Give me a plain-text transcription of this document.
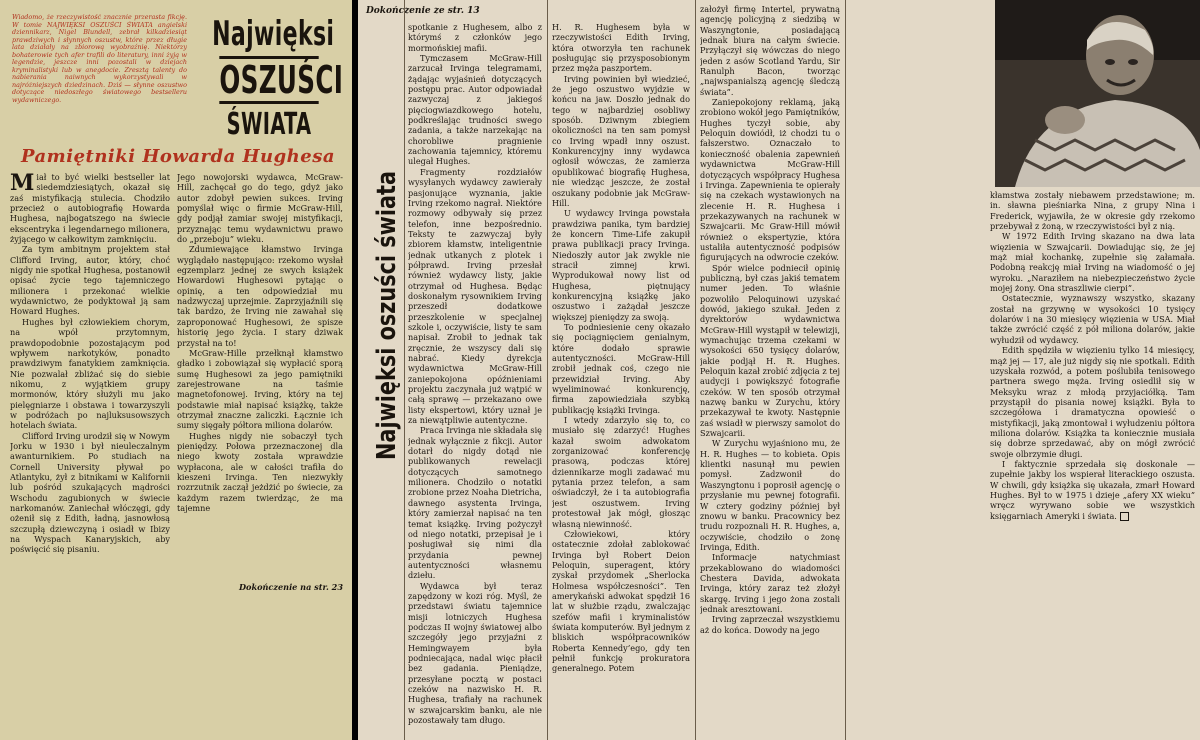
Wiadomo, że rzeczywistość znacznie przerasta fikcję. W tomie NAJWIĘKSI OSZUŚCI ŚWIATA angielski dziennikarz, Nigel Blundell, zebrał kilkadziesiąt prawdziwych i słynnych oszustw, które przez długie lata działały na zbiorową wyobraźnię. Niektórzy bohaterowie tych afer trafili do literatury, inni żyją w legendzie, jeszcze inni pozostali w dziejach kryminalistyki lub w anegdocie. Zresztą talenty do nabierania naiwnych wykorzystywali w najróżniejszych dziedzinach. Dziś — słynne oszustwo dotyczące niedoszłego światowego bestselleru wydawniczego.
Najwięksi
OSZUŚCI
ŚWIATA
Pamiętniki Howarda Hughesa

Miał to być wielki bestseller lat siedemdziesiątych, okazał się zaś mistyfikacją stulecia. Chodziło przecież o autobiografię Howarda Hughesa, najbogatszego na świecie ekscentryka i legendarnego milionera, żyjącego w całkowitym zamknięciu.

Za tym ambitnym projektem stał Clifford Irving, autor, który, choć nigdy nie spotkał Hughesa, postanowił opisać życie tego tajemniczego milionera i przekonać wielkie wydawnictwo, że podyktował ją sam Howard Hughes.

Hughes był człowiekiem chorym, na wpół przytomnym, prawdopodobnie pozostającym pod wpływem narkotyków, ponadto prawdziwym fanatykiem zamknięcia. Nie pozwalał zbliżać się do siebie nikomu, z wyjątkiem grupy mormonów, który służyli mu jako pielęgniarze i obstawa i towarzyszyli w podróżach po najluksusowszych hotelach świata.

Clifford Irving urodził się w Nowym Jorku w 1930 i był nieuleczalnym awanturnikiem. Po studiach na Cornell University pływał po Atlantyku, żył z bitnikami w Kalifornii lub pośród szukających mądrości Wschodu zagubionych w świecie narkomanów. Zaniechał włóczęgi, gdy ożenił się z Edith, ładną, jasnowłosą szczupłą dziewczyną i osiadł w Ibizy na Wyspach Kanaryjskich, aby poświęcić się pisaniu.

Jego nowojorski wydawca, McGraw-Hill, zachęcał go do tego, gdyż jako autor zdobył pewien sukces. Irving pomyślał więc o firmie McGraw-Hill, gdy podjął zamiar swojej mistyfikacji, przyznając temu wydawnictwu prawo do „przeboju” wieku.

Zdumiewające kłamstwo Irvinga wyglądało następująco: rzekomo wysłał egzemplarz jednej ze swych książek Howardowi Hughesowi pytając o opinię, a ten odpowiedział mu nadzwyczaj uprzejmie. Zaprzyjaźnili się tak bardzo, że Irving nie zawahał się zaproponować Hughesowi, że spisze historię jego życia. I stary dziwak przystał na to!

McGraw-Hille przełknął kłamstwo gładko i zobowiązał się wypłacić sporą sumę Hughesowi za jego pamiętniki zarejestrowane na taśmie magnetofonowej. Irving, który na tej podstawie miał napisać książkę, także otrzymał znaczne zaliczki. Łącznie ich sumy sięgały półtora miliona dolarów.

Hughes nigdy nie sobaczył tych pieniędzy. Połowa przeznaczonej dla niego kwoty została wprawdzie wypłacona, ale w całości trafiła do kieszeni Irvinga. Ten niezwykły rozrzutnik zaczął jeżdżić po świecie, za każdym razem twierdząc, że ma tajemne

Dokończenie na str. 23
Dokończenie ze str. 13
Najwięksi oszuści świata

spotkanie z Hughesem, albo z którymś z członków jego mormońskiej mafii.

Tymczasem McGraw-Hill zarzucał Irvinga telegramami, żądając wyjaśnień dotyczących postępu prac. Autor odpowiadał zazwyczaj z jakiegoś pięciogwiazdkowego hotelu, podkreślając trudności swego zadania, a także narzekając na chorobliwe pragnienie zachowania tajemnicy, któremu ulegał Hughes.

Fragmenty rozdziałów wysyłanych wydawcy zawierały pasjonujące wyznania, jakie Irving rzekomo nagrał. Niektóre rozmowy odbywały się przez telefon, inne bezpośrednio. Teksty te zazwyczaj były zbiorem kłamstw, inteligentnie jednak utkanych z plotek i półprawd. Irving przesłał również wydawcy listy, jakie otrzymał od Hughesa. Będąc doskonałym rysownikiem Irving przeszedł dodatkowe przeszkolenie w specjalnej szkole i, oczywiście, listy te sam napisał. Zrobił to jednak tak zręcznie, że wszyscy dali się nabrać. Kiedy dyrekcja wydawnictwa McGraw-Hill zaniepokojona opóźnieniami projektu zaczynała już wątpić w całą sprawę — przekazano owe listy ekspertowi, który uznał je za niewątpliwie autentyczne.

Praca Irvinga nie składała się jednak wyłącznie z fikcji. Autor dotarł do nigdy dotąd nie publikowanych rewelacji dotyczących samotnego milionera. Chodziło o notatki zrobione przez Noaha Dietricha, dawnego asystenta Irvinga, który zamierzał napisać na ten temat książkę. Irving pożyczył od niego notatki, przepisał je i posługiwał się nimi dla przydania pewnej autentyczności własnemu dziełu.

Wydawca był teraz zapędzony w kozi róg. Myśl, że przedstawi światu tajemnice misji lotniczych Hughesa podczas II wojny światowej albo szczegóły jego przyjaźni z Hemingwayem była podniecająca, nadal więc płacił bez gadania. Pieniądze, przesyłane pocztą w postaci czeków na nazwisko H. R. Hughesa, trafiały na rachunek w szwajcarskim banku, ale nie pozostawały tam długo.

H. R. Hughesem była w rzeczywistości Edith Irving, która otworzyła ten rachunek posługując się przysposobionym przez męża paszportem.

Irving powinien był wiedzieć, że jego oszustwo wyjdzie w końcu na jaw. Doszło jednak do tego w najbardziej osobliwy sposób. Dziwnym zbiegiem okoliczności na ten sam pomysł co Irving wpadł inny oszust. Konkurencyjny inny wydawca ogłosił wówczas, że zamierza opublikować biografię Hughesa, nie wiedząc jeszcze, że został oszukany podobnie jak McGraw-Hill.

U wydawcy Irvinga powstała prawdziwa panika, tym bardziej że koncern Time-Life zakupił prawa publikacji pracy Irvinga. Niedoszły autor jak zwykle nie stracił zimnej krwi. Wyprodukował nowy list od Hughesa, piętnujący konkurencyjną książkę jako oszustwo i zażądał jeszcze większej pieniędzy za swoją.

To podniesienie ceny okazało się pociągnięciem genialnym, które dodało sprawie autentyczności. McGraw-Hill zrobił jednak coś, czego nie przewidział Irving. Aby wyeliminować konkurencję, firma zapowiedziała szybką publikację książki Irvinga.

I wtedy zdarzyło się to, co musiało się zdarzyć! Hughes kazał swoim adwokatom zorganizować konferencję prasową, podczas której dziennikarze mogli zadawać mu pytania przez telefon, a sam oświadczył, że i ta autobiografia jest oszustwem. Irving protestował jak mógł, głosząc własną niewinność.

Człowiekowi, który ostatecznie zdołał zablokować Irvinga był Robert Deion Peloquin, superagent, który zyskał przydomek „Sherlocka Holmesa współczesności”. Ten amerykański adwokat spędził 16 lat w służbie rządu, zwalczając szefów mafii i kryminalistów świata komputerów. Był jednym z bliskich współpracowników Roberta Kennedy’ego, gdy ten pełnił funkcję prokuratora generalnego. Potem

założył firmę Intertel, prywatną agencję policyjną z siedzibą w Waszyngtonie, posiadającą jednak biura na całym świecie. Przyłączył się wówczas do niego jeden z asów Scotland Yardu, Sir Ranulph Bacon, tworząc „najwspanialszą agencję śledczą świata”.

Zaniepokojony reklamą, jaką zrobiono wokół jego Pamiętników, Hughes tyczył sobie, aby Peloquin dowiódł, iż chodzi tu o fałszerstwo. Oznaczało to konieczność obalenia zapewnień wydawnictwa McGraw-Hill dotyczących współpracy Hughesa i Irvinga. Zapewnienia te opierały się na czekach wystawionych na zlecenie H. R. Hughesa i przekazywanych na rachunek w Szwajcarii. Mc Graw-Hill mówił również o ekspertyzie, która ustaliła autentyczność podpisów figurujących na odwrocie czeków.

Spór wielce podniecił opinię publiczną, był czas jakiś tematem numer jeden. To właśnie pozwoliło Peloquinowi uzyskać dowód, jakiego szukał. Jeden z dyrektorów wydawnictwa McGraw-Hill wystąpił w telewizji, wymachując trzema czekami w wysokości 650 tysięcy dolarów, jakie podjął H. R. Hughes. Peloquin kazał zrobić zdjęcia z tej audycji i powiększyć fotografie czeków. W ten sposób otrzymał nazwę banku w Zurychu, który przekazywał te kwoty. Następnie zaś wsiadł w pierwszy samolot do Szwajcarii.

W Zurychu wyjaśniono mu, że H. R. Hughes — to kobieta. Opis klientki nasunął mu pewien pomysł. Zadzwonił do Waszyngtonu i poprosił agencję o przysłanie mu pewnej fotografii. W cztery godziny później był znowu w banku. Pracownicy bez trudu rozpoznali H. R. Hughes, a, oczywiście, chodziło o żonę Irvinga, Edith.

Informacje natychmiast przekablowano do wiadomości Chestera Davida, adwokata Irvinga, który zaraz też złożył skargę. Irving i jego żona zostali jednak aresztowani.

Irving zaprzeczał wszystkiemu aż do końca. Dowody na jego

kłamstwa zostały niebawem przedstawione; m. in. sławna pieśniarka Nina, z grupy Nina i Frederick, wyjawiła, że w okresie gdy rzekomo przebywał z żoną, w rzeczywistości był z nią.

W 1972 Edith Irving skazano na dwa lata więzienia w Szwajcarii. Dowiadując się, że jej mąż miał kochankę, zupełnie się załamała. Podobną reakcję miał Irving na wiadomość o jej wyroku. „Naraziłem na niebezpieczeństwo życie mojej żony. Ona straszliwie cierpi”.

Ostatecznie, wyznawszy wszystko, skazany został na grzywnę w wysokości 10 tysięcy dolarów i na 30 miesięcy więzienia w USA. Miał także zwrócić część z pół miliona dolarów, jakie wyłudził od wydawcy.

Edith spędziła w więzieniu tylko 14 miesięcy, mąż jej — 17, ale już nigdy się nie spotkali. Edith uzyskała rozwód, a potem poślubiła tenisowego partnera swego męża. Irving osiedlił się w Meksyku wraz z młodą przyjaciółką. Tam przystąpił do pisania nowej książki. Była to szczegółowa i dramatyczna opowieść o mistyfikacji, jaką zmontował i wyłudzeniu półtora miliona dolarów. Książka ta koniecznie musiała się dobrze sprzedawać, aby on mógł zwrócić swoje olbrzymie długi.

I faktycznie sprzedała się doskonale — zupełnie jakby los wspierał literackiego oszusta. W chwili, gdy książka się ukazała, zmarł Howard Hughes. Był to w 1975 i dzieje „afery XX wieku” wręcz wyrywano sobie we wszystkich księgarniach Ameryki i świata.
